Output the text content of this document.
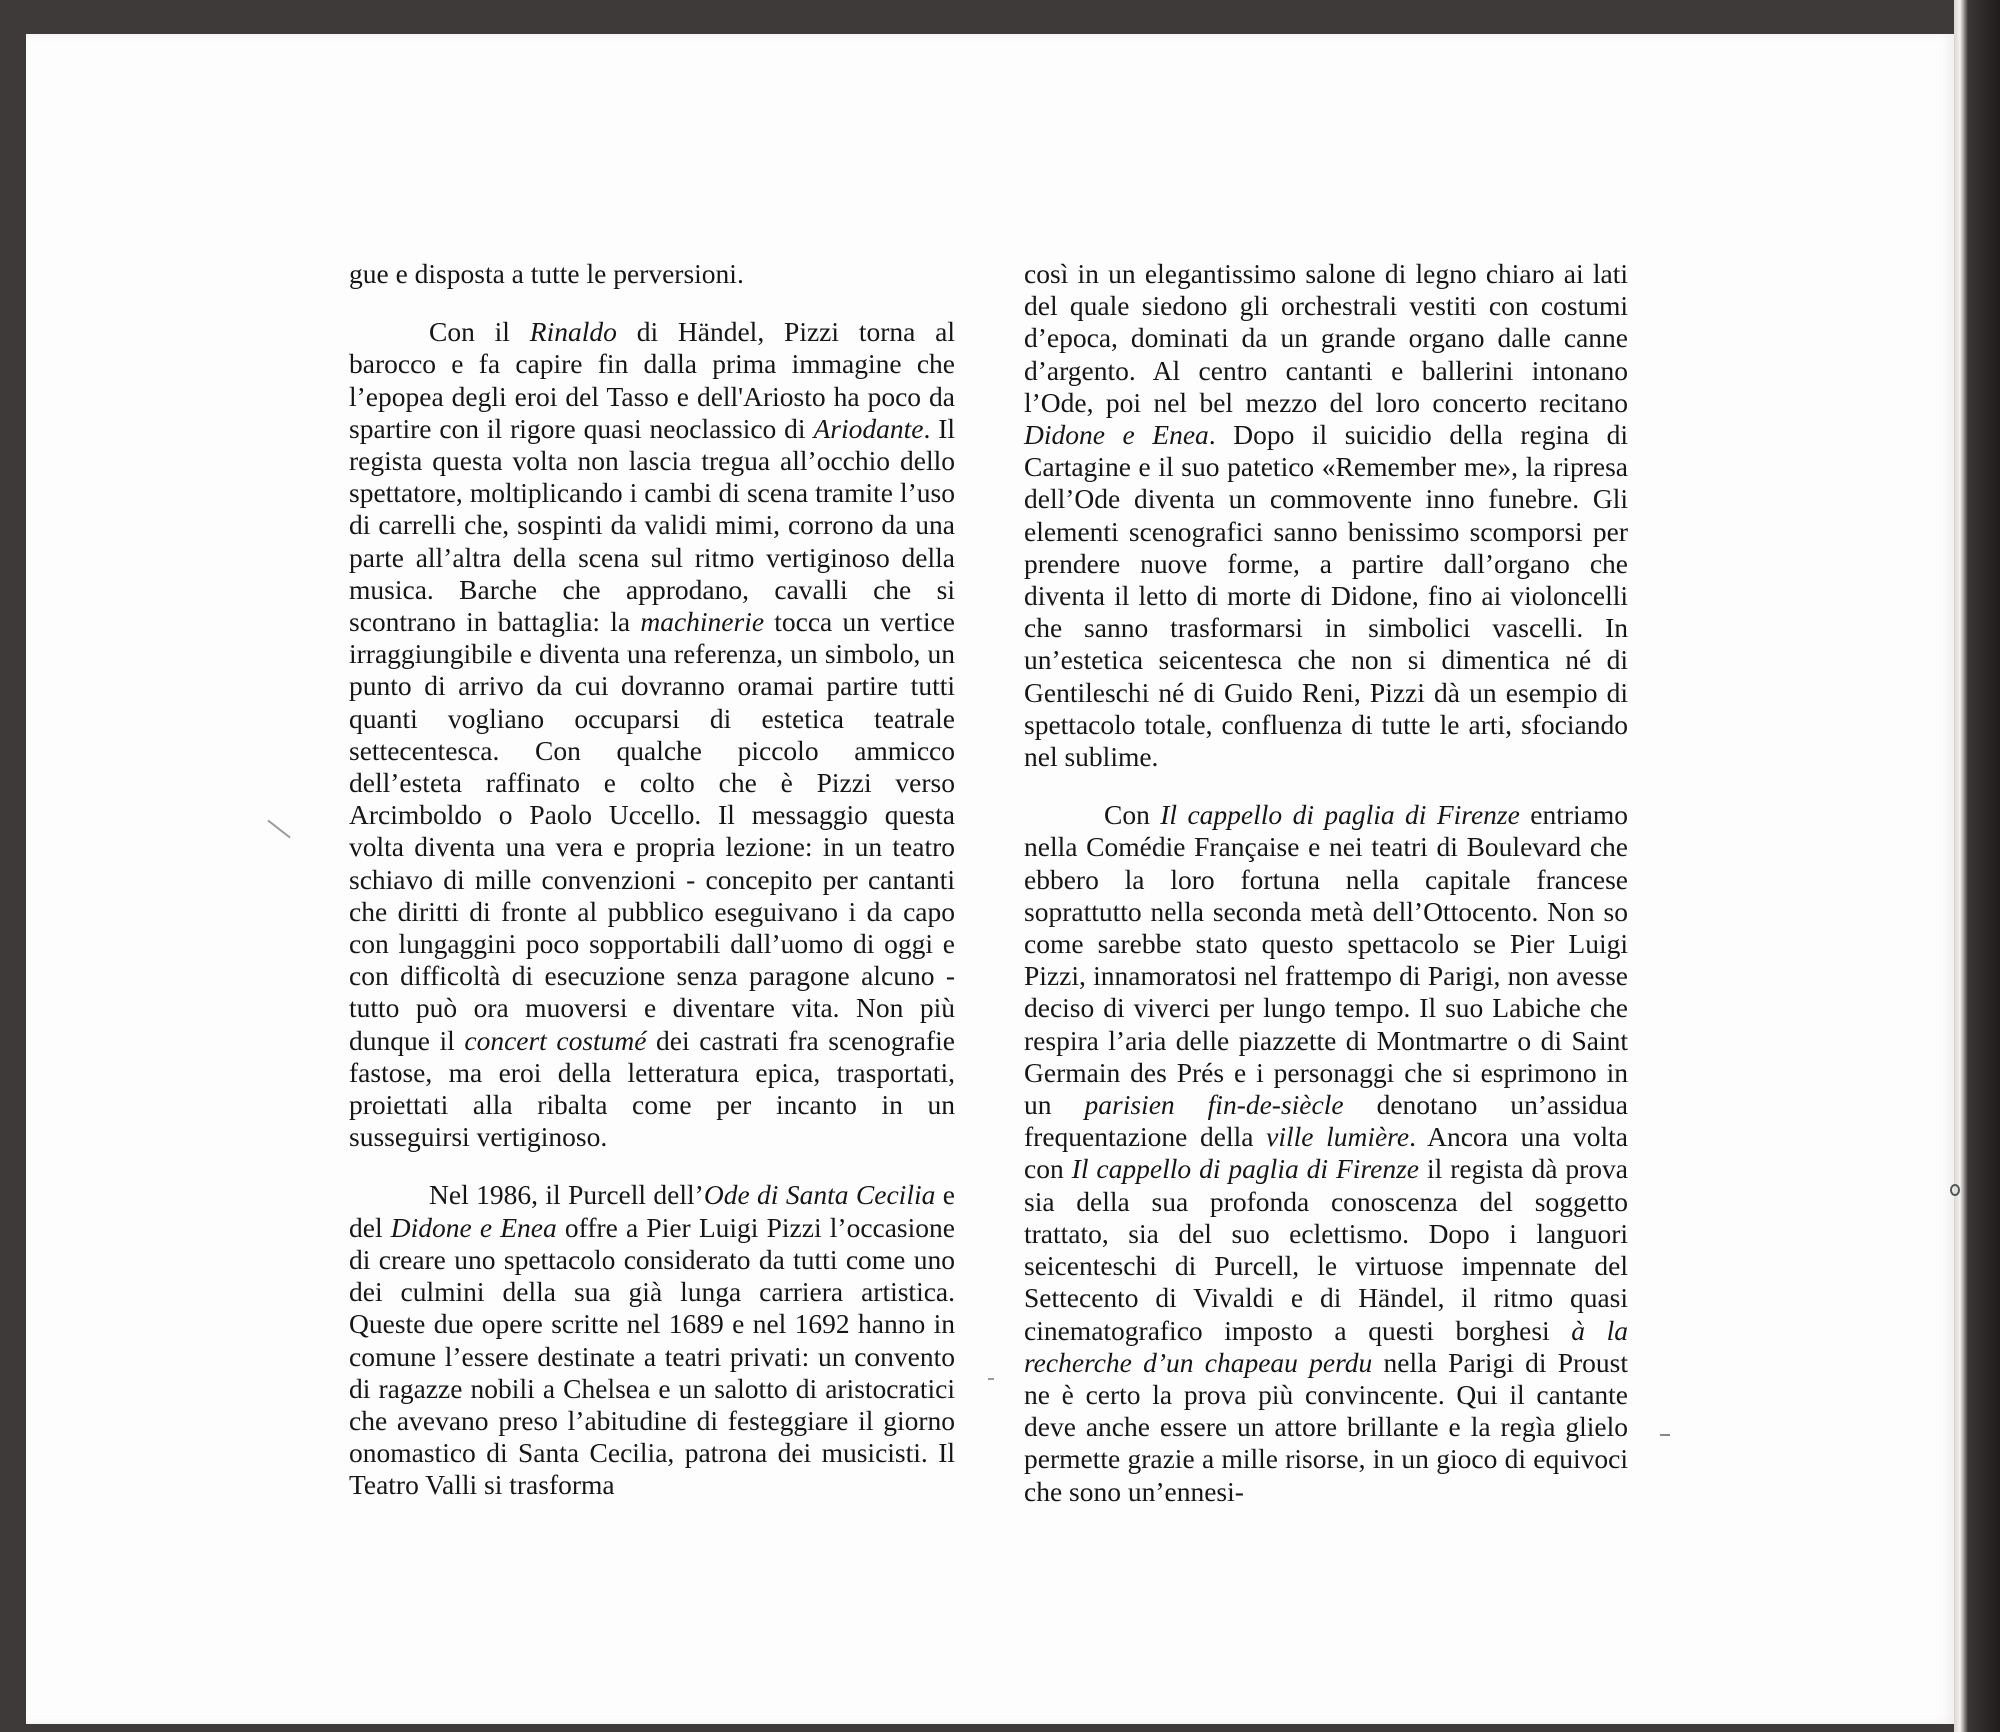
gue e disposta a tutte le perversioni.

Con il Rinaldo di Händel, Pizzi torna al barocco e fa capire fin dalla prima immagine che l’epopea degli eroi del Tasso e dell'Ariosto ha poco da spartire con il rigore quasi neoclassico di Ariodante. Il regista questa volta non lascia tregua all’occhio dello spettatore, moltiplicando i cambi di scena tramite l’uso di carrelli che, sospinti da validi mimi, corrono da una parte all’altra della scena sul ritmo vertiginoso della musica. Barche che approdano, cavalli che si scontrano in battaglia: la machinerie tocca un vertice irraggiungibile e diventa una referenza, un simbolo, un punto di arrivo da cui dovranno oramai partire tutti quanti vogliano occuparsi di estetica teatrale settecentesca. Con qualche piccolo ammicco dell’esteta raffinato e colto che è Pizzi verso Arcimboldo o Paolo Uccello. Il messaggio questa volta diventa una vera e propria lezione: in un teatro schiavo di mille convenzioni - concepito per cantanti che diritti di fronte al pubblico eseguivano i da capo con lungaggini poco sopportabili dall’uomo di oggi e con difficoltà di esecuzione senza paragone alcuno - tutto può ora muoversi e diventare vita. Non più dunque il concert costumé dei castrati fra scenografie fastose, ma eroi della letteratura epica, trasportati, proiettati alla ribalta come per incanto in un susseguirsi vertiginoso.

Nel 1986, il Purcell dell’Ode di Santa Cecilia e del Didone e Enea offre a Pier Luigi Pizzi l’occasione di creare uno spettacolo considerato da tutti come uno dei culmini della sua già lunga carriera artistica. Queste due opere scritte nel 1689 e nel 1692 hanno in comune l’essere destinate a teatri privati: un convento di ragazze nobili a Chelsea e un salotto di aristocratici che avevano preso l’abitudine di festeggiare il giorno onomastico di Santa Cecilia, patrona dei musicisti. Il Teatro Valli si trasforma

così in un elegantissimo salone di legno chiaro ai lati del quale siedono gli orchestrali vestiti con costumi d’epoca, dominati da un grande organo dalle canne d’argento. Al centro cantanti e ballerini intonano l’Ode, poi nel bel mezzo del loro concerto recitano Didone e Enea. Dopo il suicidio della regina di Cartagine e il suo patetico «Remember me», la ripresa dell’Ode diventa un commovente inno funebre. Gli elementi scenografici sanno benissimo scomporsi per prendere nuove forme, a partire dall’organo che diventa il letto di morte di Didone, fino ai violoncelli che sanno trasformarsi in simbolici vascelli. In un’estetica seicentesca che non si dimentica né di Gentileschi né di Guido Reni, Pizzi dà un esempio di spettacolo totale, confluenza di tutte le arti, sfociando nel sublime.

Con Il cappello di paglia di Firenze entriamo nella Comédie Française e nei teatri di Boulevard che ebbero la loro fortuna nella capitale francese soprattutto nella seconda metà dell’Ottocento. Non so come sarebbe stato questo spettacolo se Pier Luigi Pizzi, innamoratosi nel frattempo di Parigi, non avesse deciso di viverci per lungo tempo. Il suo Labiche che respira l’aria delle piazzette di Montmartre o di Saint Germain des Prés e i personaggi che si esprimono in un parisien fin-de-siècle denotano un’assidua frequentazione della ville lumière. Ancora una volta con Il cappello di paglia di Firenze il regista dà prova sia della sua profonda conoscenza del soggetto trattato, sia del suo eclettismo. Dopo i languori seicenteschi di Purcell, le virtuose impennate del Settecento di Vivaldi e di Händel, il ritmo quasi cinematografico imposto a questi borghesi à la recherche d’un chapeau perdu nella Parigi di Proust ne è certo la prova più convincente. Qui il cantante deve anche essere un attore brillante e la regìa glielo permette grazie a mille risorse, in un gioco di equivoci che sono un’ennesi-
